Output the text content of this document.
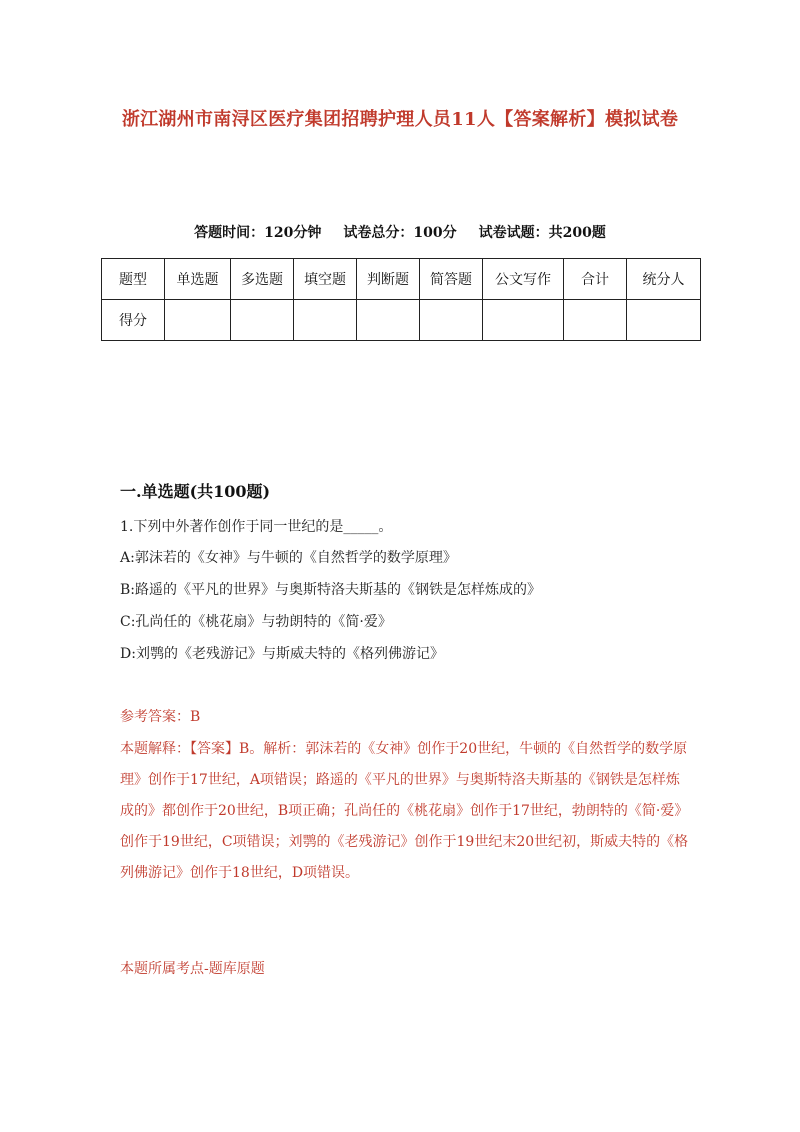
浙江湖州市南浔区医疗集团招聘护理人员11人【答案解析】模拟试卷
答题时间：120分钟 试卷总分：100分 试卷试题：共200题
题型	单选题	多选题	填空题	判断题	简答题	公文写作	合计	统分人
得分								
一.单选题(共100题)
1.下列中外著作创作于同一世纪的是_____。
A:郭沫若的《女神》与牛顿的《自然哲学的数学原理》
B:路遥的《平凡的世界》与奥斯特洛夫斯基的《钢铁是怎样炼成的》
C:孔尚任的《桃花扇》与勃朗特的《简·爱》
D:刘鹗的《老残游记》与斯威夫特的《格列佛游记》
参考答案：B
本题解释：【答案】B。解析：郭沫若的《女神》创作于20世纪，牛顿的《自然哲学的数学原理》创作于17世纪，A项错误；路遥的《平凡的世界》与奥斯特洛夫斯基的《钢铁是怎样炼成的》都创作于20世纪，B项正确；孔尚任的《桃花扇》创作于17世纪，勃朗特的《简·爱》创作于19世纪，C项错误；刘鹗的《老残游记》创作于19世纪末20世纪初，斯威夫特的《格列佛游记》创作于18世纪，D项错误。
本题所属考点-题库原题
